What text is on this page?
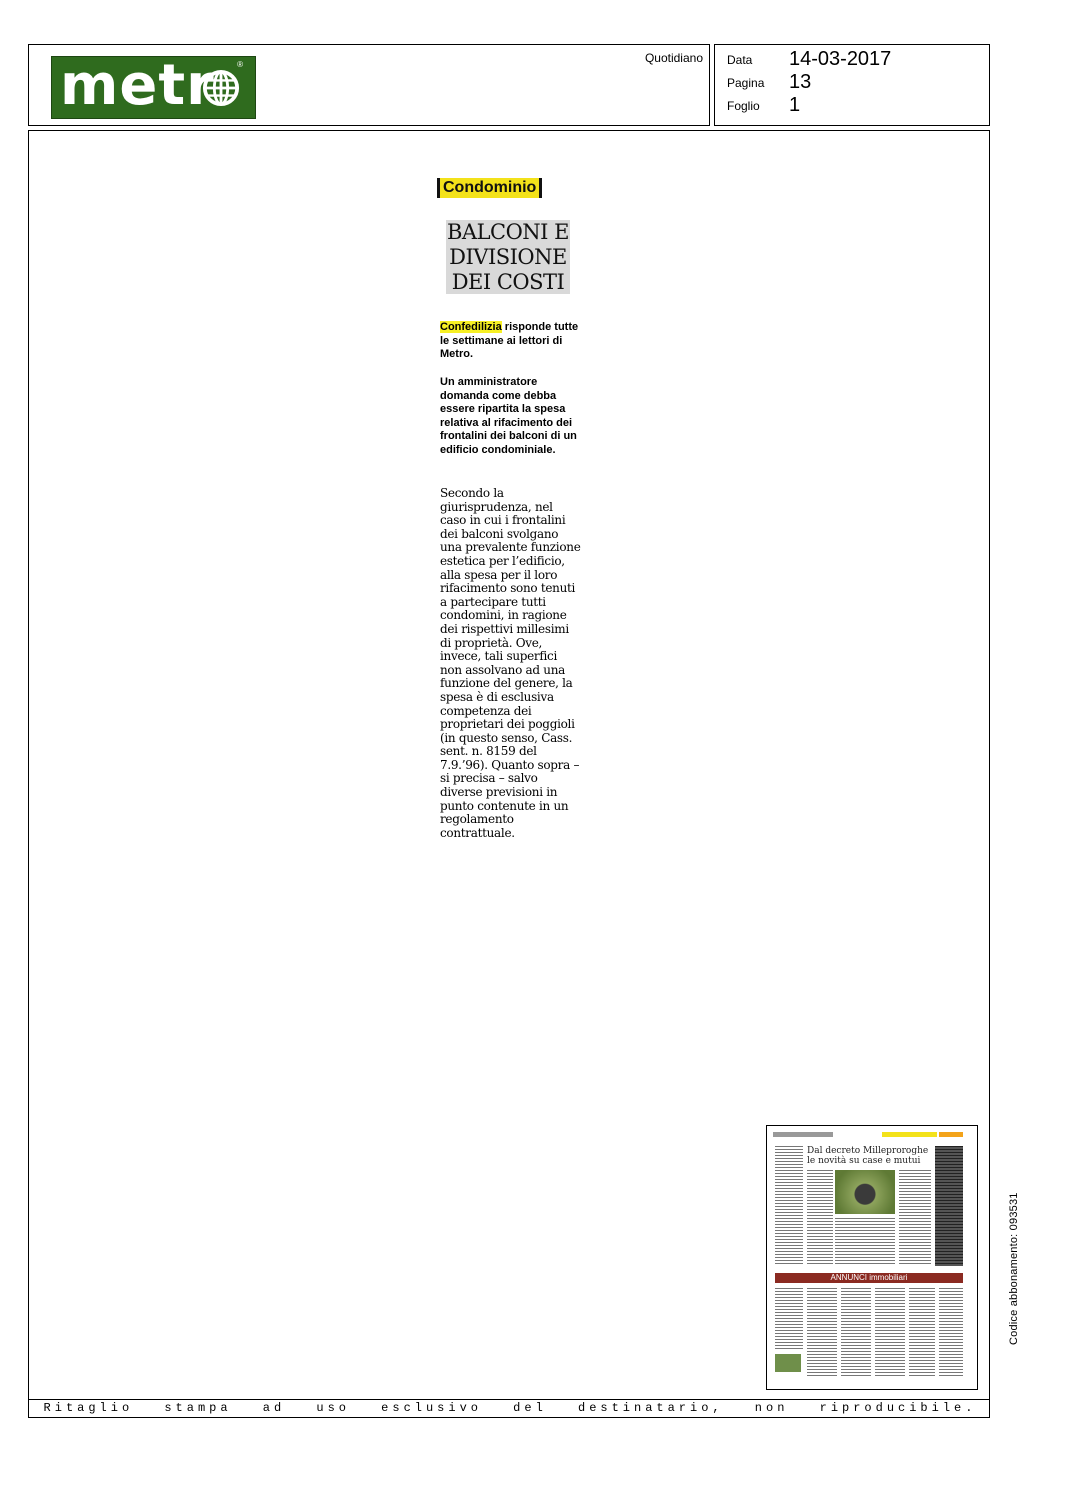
metr	®	Quotidiano Data 14-03-2017
Pagina 13
Foglio 1
Ritaglio stampa ad uso esclusivo del destinatario, non riproducibile.
Condominio
BALCONI E
DIVISIONE
DEI COSTI
Confedilizia risponde tutte le settimane ai lettori di Metro.
Un amministratore domanda come debba essere ripartita la spesa relativa al rifacimento dei frontalini dei balconi di un edificio condominiale.
Secondo la giurisprudenza, nel caso in cui i frontalini dei balconi svolgano una prevalente funzione estetica per l’edificio, alla spesa per il loro rifacimento sono tenuti a partecipare tutti condomini, in ragione dei rispettivi millesimi di proprietà. Ove, invece, tali superfici non assolvano ad una funzione del genere, la spesa è di esclusiva competenza dei proprietari dei poggioli (in questo senso, Cass. sent. n. 8159 del 7.9.’96). Quanto sopra – si precisa – salvo diverse previsioni in punto contenute in un regolamento contrattuale.
Dal decreto Milleproroghe
le novità su case e mutui
ANNUNCI immobiliari	Codice abbonamento: 093531
